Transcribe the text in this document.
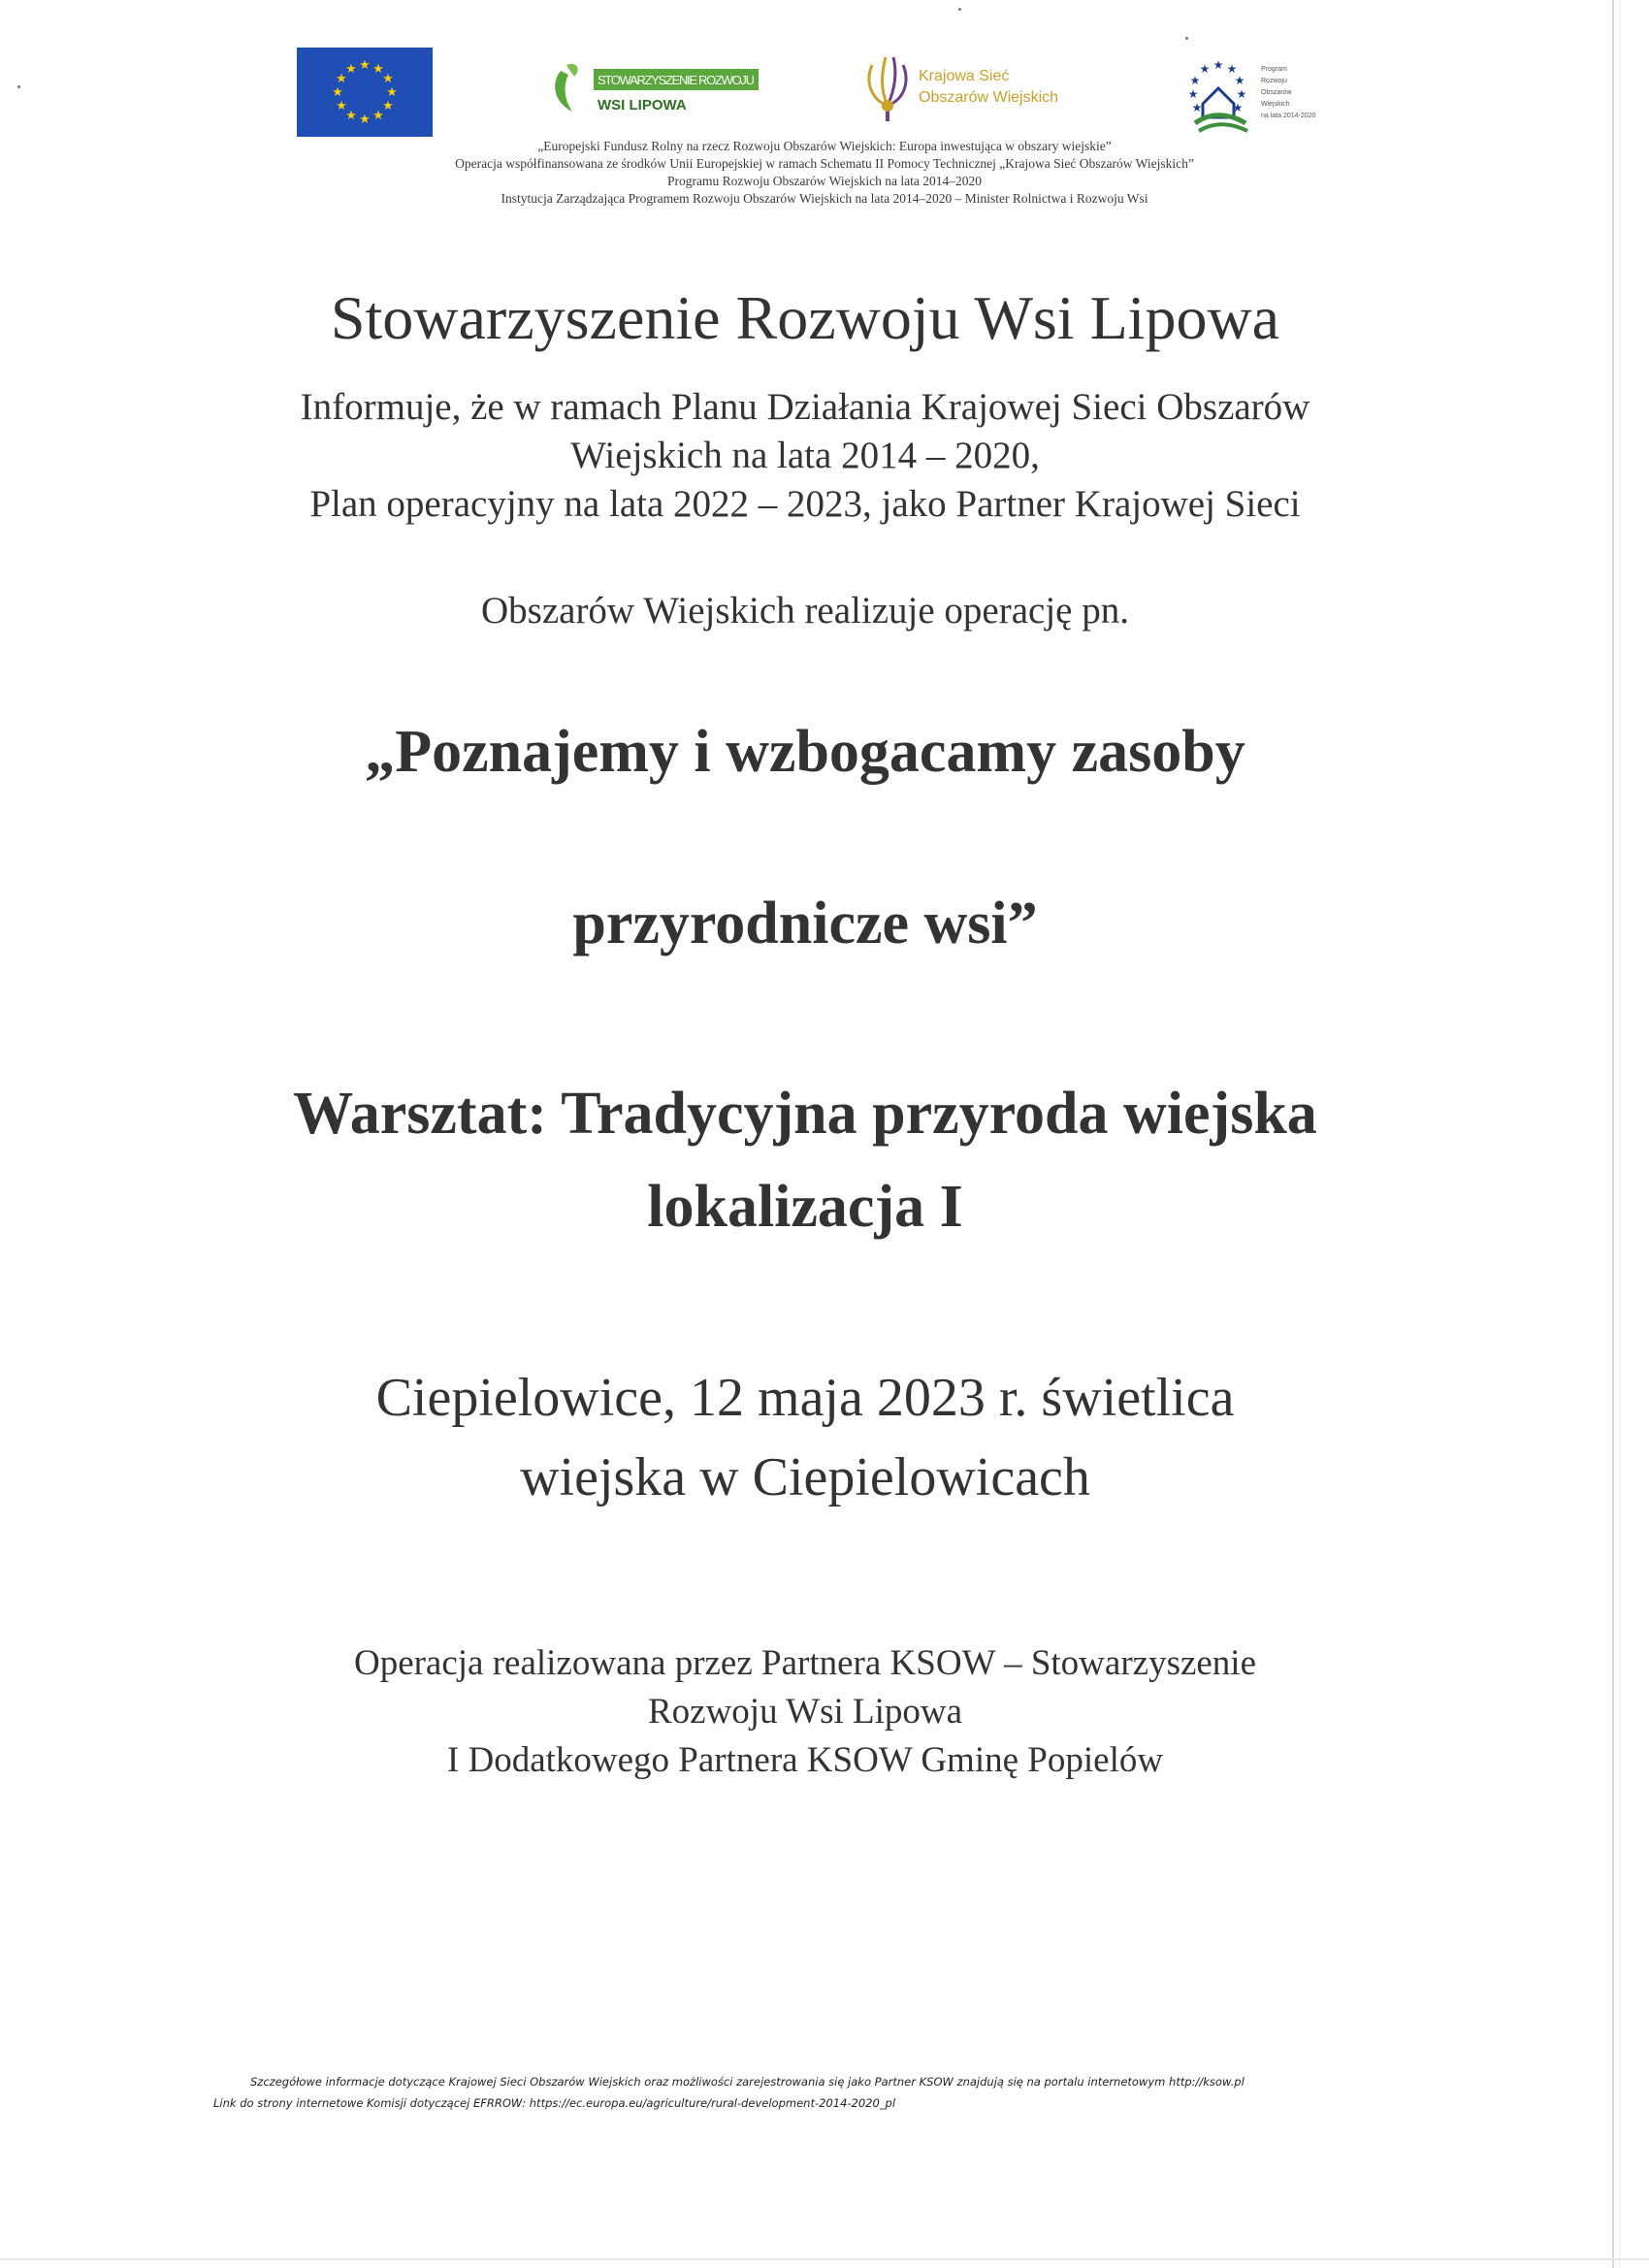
★ ★
★
★
★
★
★
★
★
★
★
★
STOWARZYSZENIE ROZWOJU
WSI LIPOWA
Krajowa Sieć
Obszarów Wiejskich
★ ★
★
★
★
★
★
★
★
Program
Rozwoju
Obszarów
Wiejskich
na lata 2014-2020
„Europejski Fundusz Rolny na rzecz Rozwoju Obszarów Wiejskich: Europa inwestująca w obszary wiejskie”
Operacja współfinansowana ze środków Unii Europejskiej w ramach Schematu II Pomocy Technicznej „Krajowa Sieć Obszarów Wiejskich”
Programu Rozwoju Obszarów Wiejskich na lata 2014–2020
Instytucja Zarządzająca Programem Rozwoju Obszarów Wiejskich na lata 2014–2020 – Minister Rolnictwa i Rozwoju Wsi
Stowarzyszenie Rozwoju Wsi Lipowa
Informuje, że w ramach Planu Działania Krajowej Sieci Obszarów
Wiejskich na lata 2014 – 2020,
Plan operacyjny na lata 2022 – 2023, jako Partner Krajowej Sieci
Obszarów Wiejskich realizuje operację pn.
„Poznajemy i wzbogacamy zasoby
przyrodnicze wsi”
Warsztat: Tradycyjna przyroda wiejska
lokalizacja I
Ciepielowice, 12 maja 2023 r. świetlica
wiejska w Ciepielowicach
Operacja realizowana przez Partnera KSOW – Stowarzyszenie
Rozwoju Wsi Lipowa
I Dodatkowego Partnera KSOW Gminę Popielów
Szczegółowe informacje dotyczące Krajowej Sieci Obszarów Wiejskich oraz możliwości zarejestrowania się jako Partner KSOW znajdują się na portalu internetowym http://ksow.pl
Link do strony internetowe Komisji dotyczącej EFRROW: https://ec.europa.eu/agriculture/rural-development-2014-2020_pl
